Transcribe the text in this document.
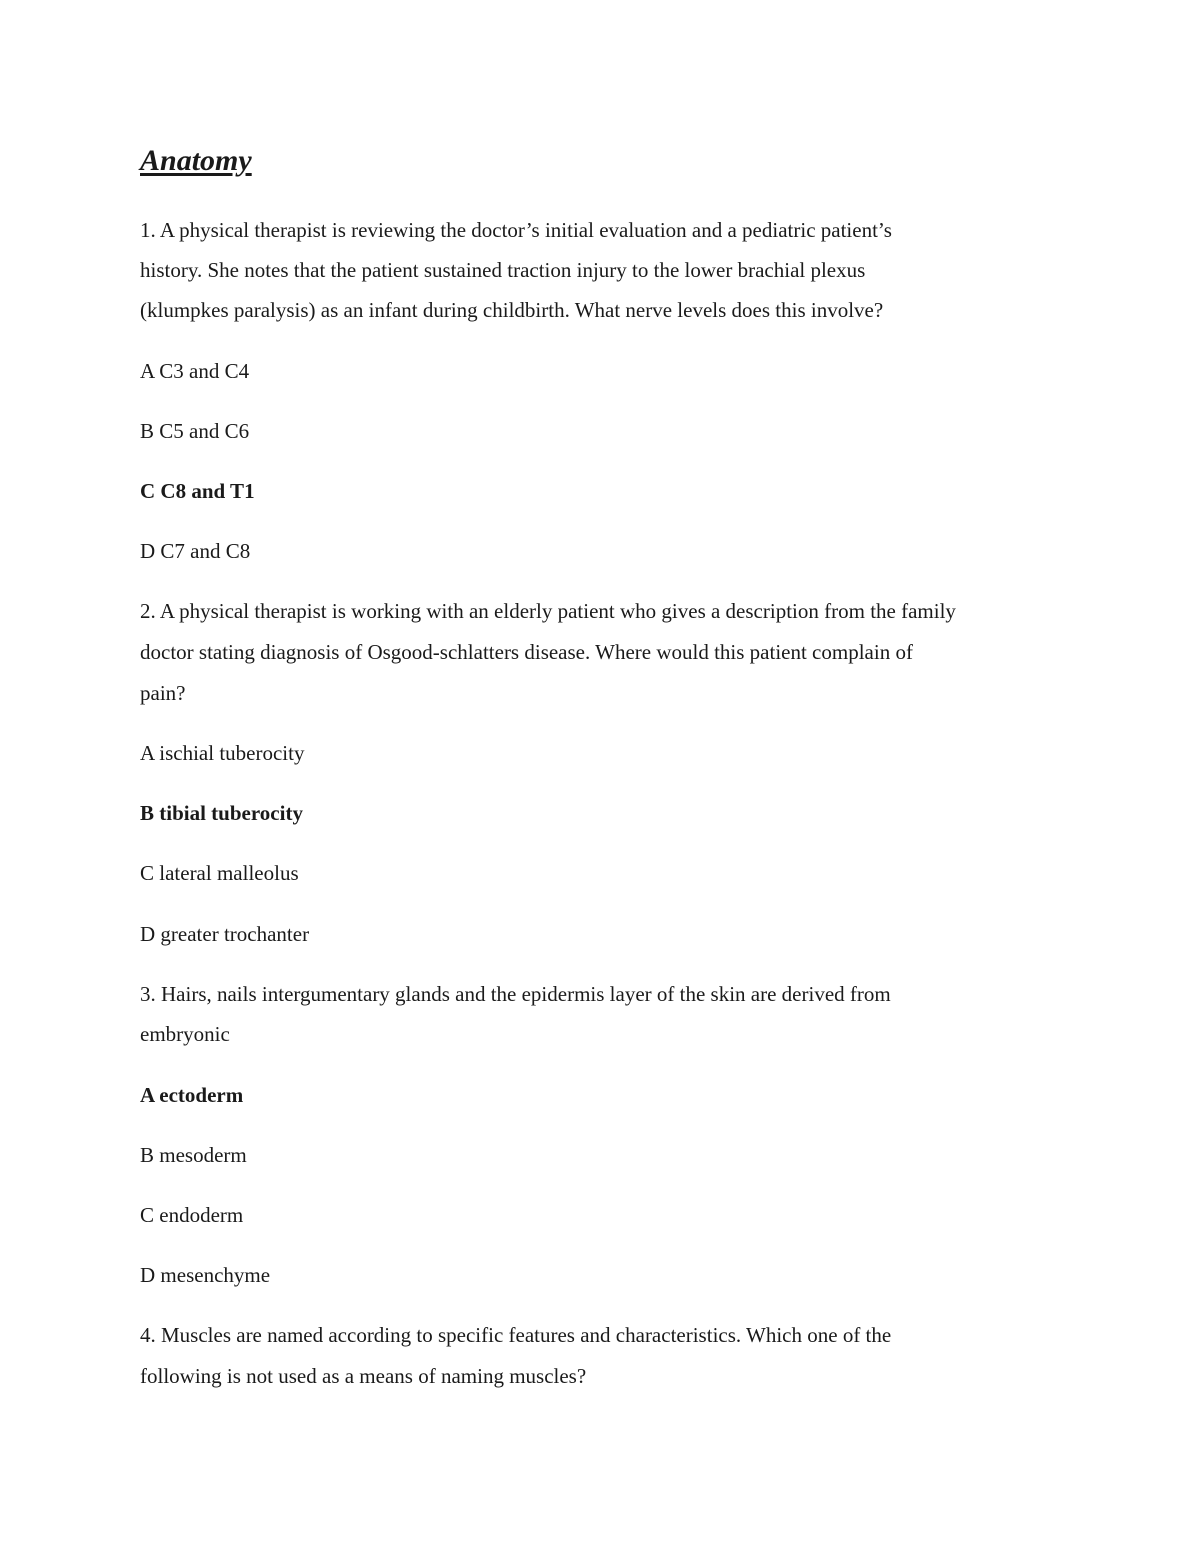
Anatomy

1. A physical therapist is reviewing the doctor’s initial evaluation and a pediatric patient’s

history. She notes that the patient sustained traction injury to the lower brachial plexus

(klumpkes paralysis) as an infant during childbirth. What nerve levels does this involve?

A C3 and C4

B C5 and C6

C C8 and T1

D C7 and C8

2. A physical therapist is working with an elderly patient who gives a description from the family

doctor stating diagnosis of Osgood-schlatters disease. Where would this patient complain of

pain?

A ischial tuberocity

B tibial tuberocity

C lateral malleolus

D greater trochanter

3. Hairs, nails intergumentary glands and the epidermis layer of the skin are derived from

embryonic

A ectoderm

B mesoderm

C endoderm

D mesenchyme

4. Muscles are named according to specific features and characteristics. Which one of the

following is not used as a means of naming muscles?
